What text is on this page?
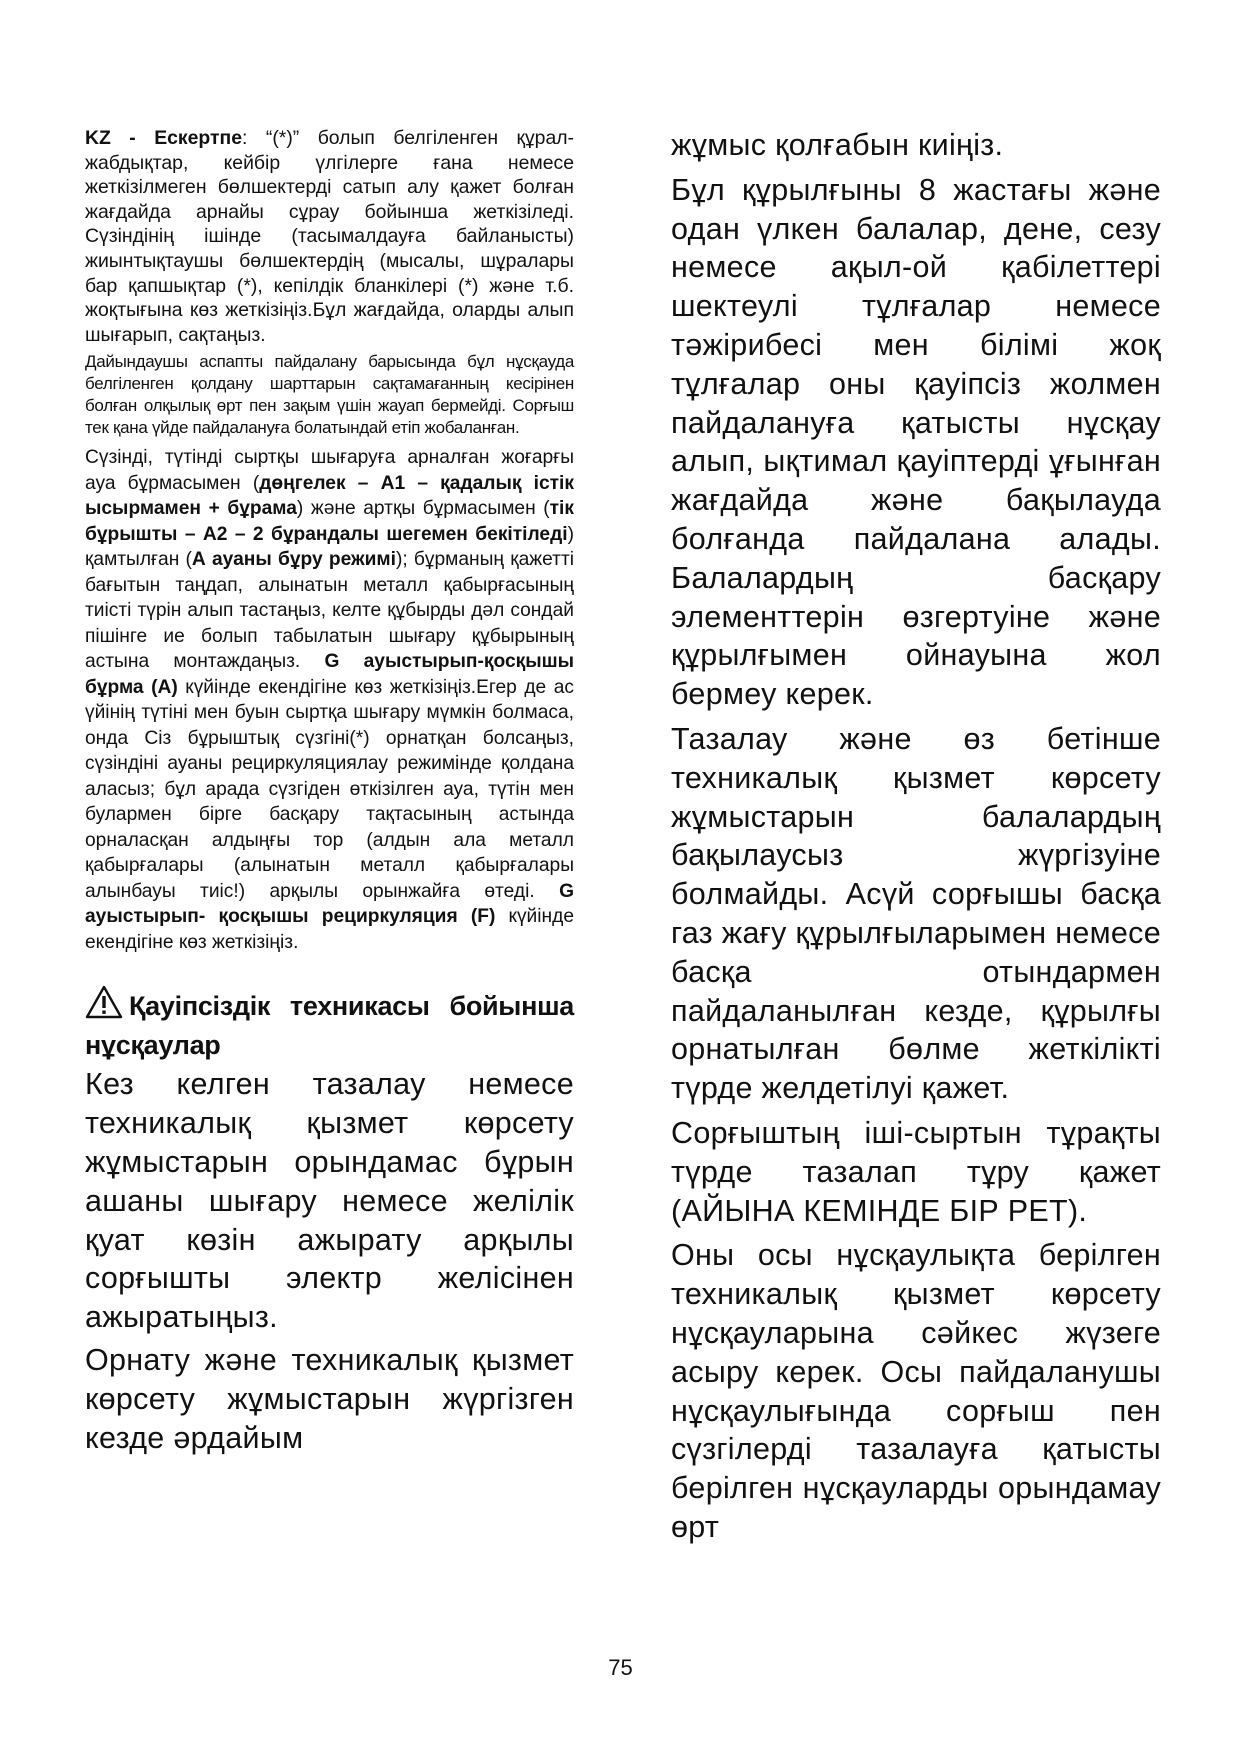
KZ - Ескертпе: “(*)” болып белгіленген құрал-жабдықтар, кейбір үлгілерге ғана немесе жеткізілмеген бөлшектерді сатып алу қажет болған жағдайда арнайы сұрау бойынша жеткізіледі. Сүзіндінің ішінде (тасымалдауға байланысты) жиынтықтаушы бөлшектердің (мысалы, шұралары бар қапшықтар (*), кепілдік бланкілері (*) және т.б. жоқтығына көз жеткізіңіз.Бұл жағдайда, оларды алып шығарып, сақтаңыз.

Дайындаушы аспапты пайдалану барысында бұл нұсқауда белгіленген қолдану шарттарын сақтамағанның кесірінен болған олқылық өрт пен зақым үшін жауап бермейді. Сорғыш тек қана үйде пайдалануға болатындай етіп жобаланған.

Сүзінді, түтінді сыртқы шығаруға арналған жоғарғы ауа бұрмасымен (дөңгелек – А1 – қадалық істік ысырмамен + бұрама) және артқы бұрмасымен (тік бұрышты – А2 – 2 бұрандалы шегемен бекітіледі) қамтылған (А ауаны бұру режимі); бұрманың қажетті бағытын таңдап, алынатын металл қабырғасының тиісті түрін алып тастаңыз, келте құбырды дәл сондай пішінге ие болып табылатын шығару құбырының астына монтаждаңыз. G ауыстырып-қосқышы бұрма (А) күйінде екендігіне көз жеткізіңіз.Егер де ас үйінің түтіні мен буын сыртқа шығару мүмкін болмаса, онда Сіз бұрыштық сүзгіні(*) орнатқан болсаңыз, сүзіндіні ауаны рециркуляциялау режимінде қолдана аласыз; бұл арада сүзгіден өткізілген ауа, түтін мен булармен бірге басқару тақтасының астында орналасқан алдыңғы тор (алдын ала металл қабырғалары (алынатын металл қабырғалары алынбауы тиіс!) арқылы орынжайға өтеді. G ауыстырып- қосқышы рециркуляция (F) күйінде екендігіне көз жеткізіңіз.

Қауіпсіздік техникасы бойынша нұсқаулар

Кез келген тазалау немесе техникалық қызмет көрсету жұмыстарын орындамас бұрын ашаны шығару немесе желілік қуат көзін ажырату арқылы сорғышты электр желісінен ажыратыңыз.

Орнату және техникалық қызмет көрсету жұмыстарын жүргізген кезде әрдайым

жұмыс қолғабын киіңіз.

Бұл құрылғыны 8 жастағы және одан үлкен балалар, дене, сезу немесе ақыл-ой қабілеттері шектеулі тұлғалар немесе тәжірибесі мен білімі жоқ тұлғалар оны қауіпсіз жолмен пайдалануға қатысты нұсқау алып, ықтимал қауіптерді ұғынған жағдайда және бақылауда болғанда пайдалана алады. Балалардың басқару элементтерін өзгертуіне және құрылғымен ойнауына жол бермеу керек.

Тазалау және өз бетінше техникалық қызмет көрсету жұмыстарын балалардың бақылаусыз жүргізуіне болмайды. Асүй сорғышы басқа газ жағу құрылғыларымен немесе басқа отындармен пайдаланылған кезде, құрылғы орнатылған бөлме жеткілікті түрде желдетілуі қажет.

Сорғыштың іші-сыртын тұрақты түрде тазалап тұру қажет (АЙЫНА КЕМІНДЕ БІР РЕТ).

Оны осы нұсқаулықта берілген техникалық қызмет көрсету нұсқауларына сәйкес жүзеге асыру керек. Осы пайдаланушы нұсқаулығында сорғыш пен сүзгілерді тазалауға қатысты берілген нұсқауларды орындамау өрт

75
